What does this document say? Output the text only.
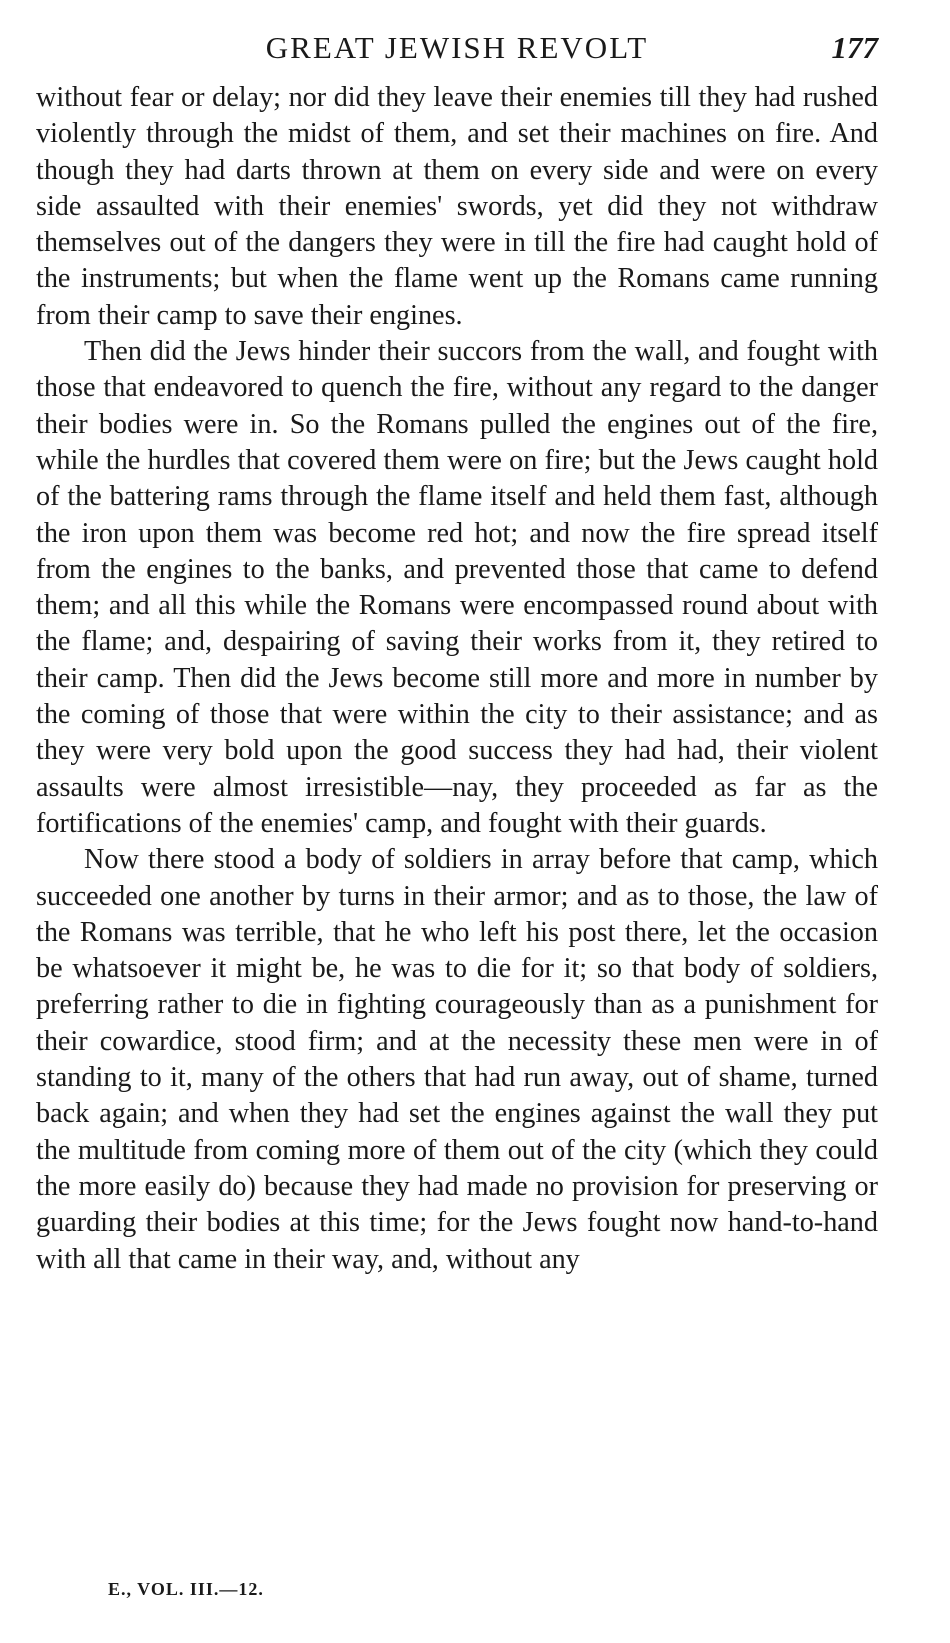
GREAT JEWISH REVOLT	177

without fear or delay; nor did they leave their enemies till they had rushed violently through the midst of them, and set their machines on fire. And though they had darts thrown at them on every side and were on every side assaulted with their enemies' swords, yet did they not withdraw themselves out of the dangers they were in till the fire had caught hold of the instruments; but when the flame went up the Romans came running from their camp to save their engines.

Then did the Jews hinder their succors from the wall, and fought with those that endeavored to quench the fire, without any regard to the danger their bodies were in. So the Romans pulled the engines out of the fire, while the hurdles that covered them were on fire; but the Jews caught hold of the battering rams through the flame itself and held them fast, although the iron upon them was become red hot; and now the fire spread itself from the engines to the banks, and prevented those that came to defend them; and all this while the Romans were encompassed round about with the flame; and, despairing of saving their works from it, they retired to their camp. Then did the Jews become still more and more in number by the coming of those that were within the city to their assistance; and as they were very bold upon the good success they had had, their violent assaults were almost irresistible—nay, they proceeded as far as the fortifications of the enemies' camp, and fought with their guards.

Now there stood a body of soldiers in array before that camp, which succeeded one another by turns in their armor; and as to those, the law of the Romans was terrible, that he who left his post there, let the occasion be whatsoever it might be, he was to die for it; so that body of soldiers, preferring rather to die in fighting courageously than as a punishment for their cowardice, stood firm; and at the necessity these men were in of standing to it, many of the others that had run away, out of shame, turned back again; and when they had set the engines against the wall they put the multitude from coming more of them out of the city (which they could the more easily do) because they had made no provision for preserving or guarding their bodies at this time; for the Jews fought now hand-to-hand with all that came in their way, and, without any

E., VOL. III.—12.
